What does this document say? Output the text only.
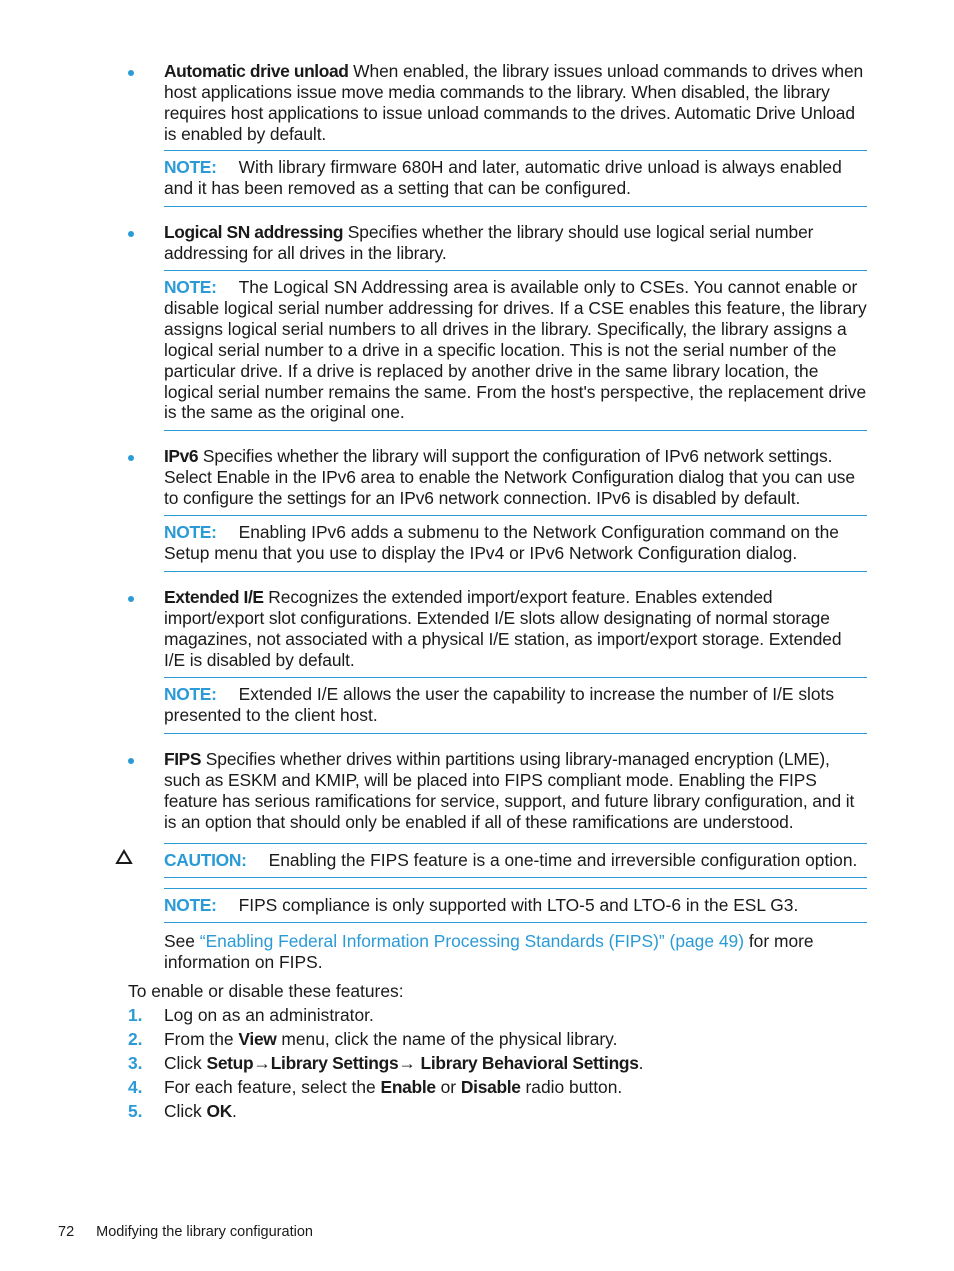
Automatic drive unload When enabled, the library issues unload commands to drives when host applications issue move media commands to the library. When disabled, the library requires host applications to issue unload commands to the drives. Automatic Drive Unload is enabled by default.
NOTE: With library firmware 680H and later, automatic drive unload is always enabled and it has been removed as a setting that can be configured.
Logical SN addressing Specifies whether the library should use logical serial number addressing for all drives in the library.
NOTE: The Logical SN Addressing area is available only to CSEs. You cannot enable or disable logical serial number addressing for drives. If a CSE enables this feature, the library assigns logical serial numbers to all drives in the library. Specifically, the library assigns a logical serial number to a drive in a specific location. This is not the serial number of the particular drive. If a drive is replaced by another drive in the same library location, the logical serial number remains the same. From the host's perspective, the replacement drive is the same as the original one.
IPv6 Specifies whether the library will support the configuration of IPv6 network settings. Select Enable in the IPv6 area to enable the Network Configuration dialog that you can use to configure the settings for an IPv6 network connection. IPv6 is disabled by default.
NOTE: Enabling IPv6 adds a submenu to the Network Configuration command on the Setup menu that you use to display the IPv4 or IPv6 Network Configuration dialog.
Extended I/E Recognizes the extended import/export feature. Enables extended import/export slot configurations. Extended I/E slots allow designating of normal storage magazines, not associated with a physical I/E station, as import/export storage. Extended I/E is disabled by default.
NOTE: Extended I/E allows the user the capability to increase the number of I/E slots presented to the client host.
FIPS Specifies whether drives within partitions using library-managed encryption (LME), such as ESKM and KMIP, will be placed into FIPS compliant mode. Enabling the FIPS feature has serious ramifications for service, support, and future library configuration, and it is an option that should only be enabled if all of these ramifications are understood.
CAUTION: Enabling the FIPS feature is a one-time and irreversible configuration option.
NOTE: FIPS compliance is only supported with LTO-5 and LTO-6 in the ESL G3.
See “Enabling Federal Information Processing Standards (FIPS)” (page 49) for more information on FIPS.
To enable or disable these features:
1. Log on as an administrator.
2. From the View menu, click the name of the physical library.
3. Click Setup→Library Settings→ Library Behavioral Settings.
4. For each feature, select the Enable or Disable radio button.
5. Click OK.
72 Modifying the library configuration
